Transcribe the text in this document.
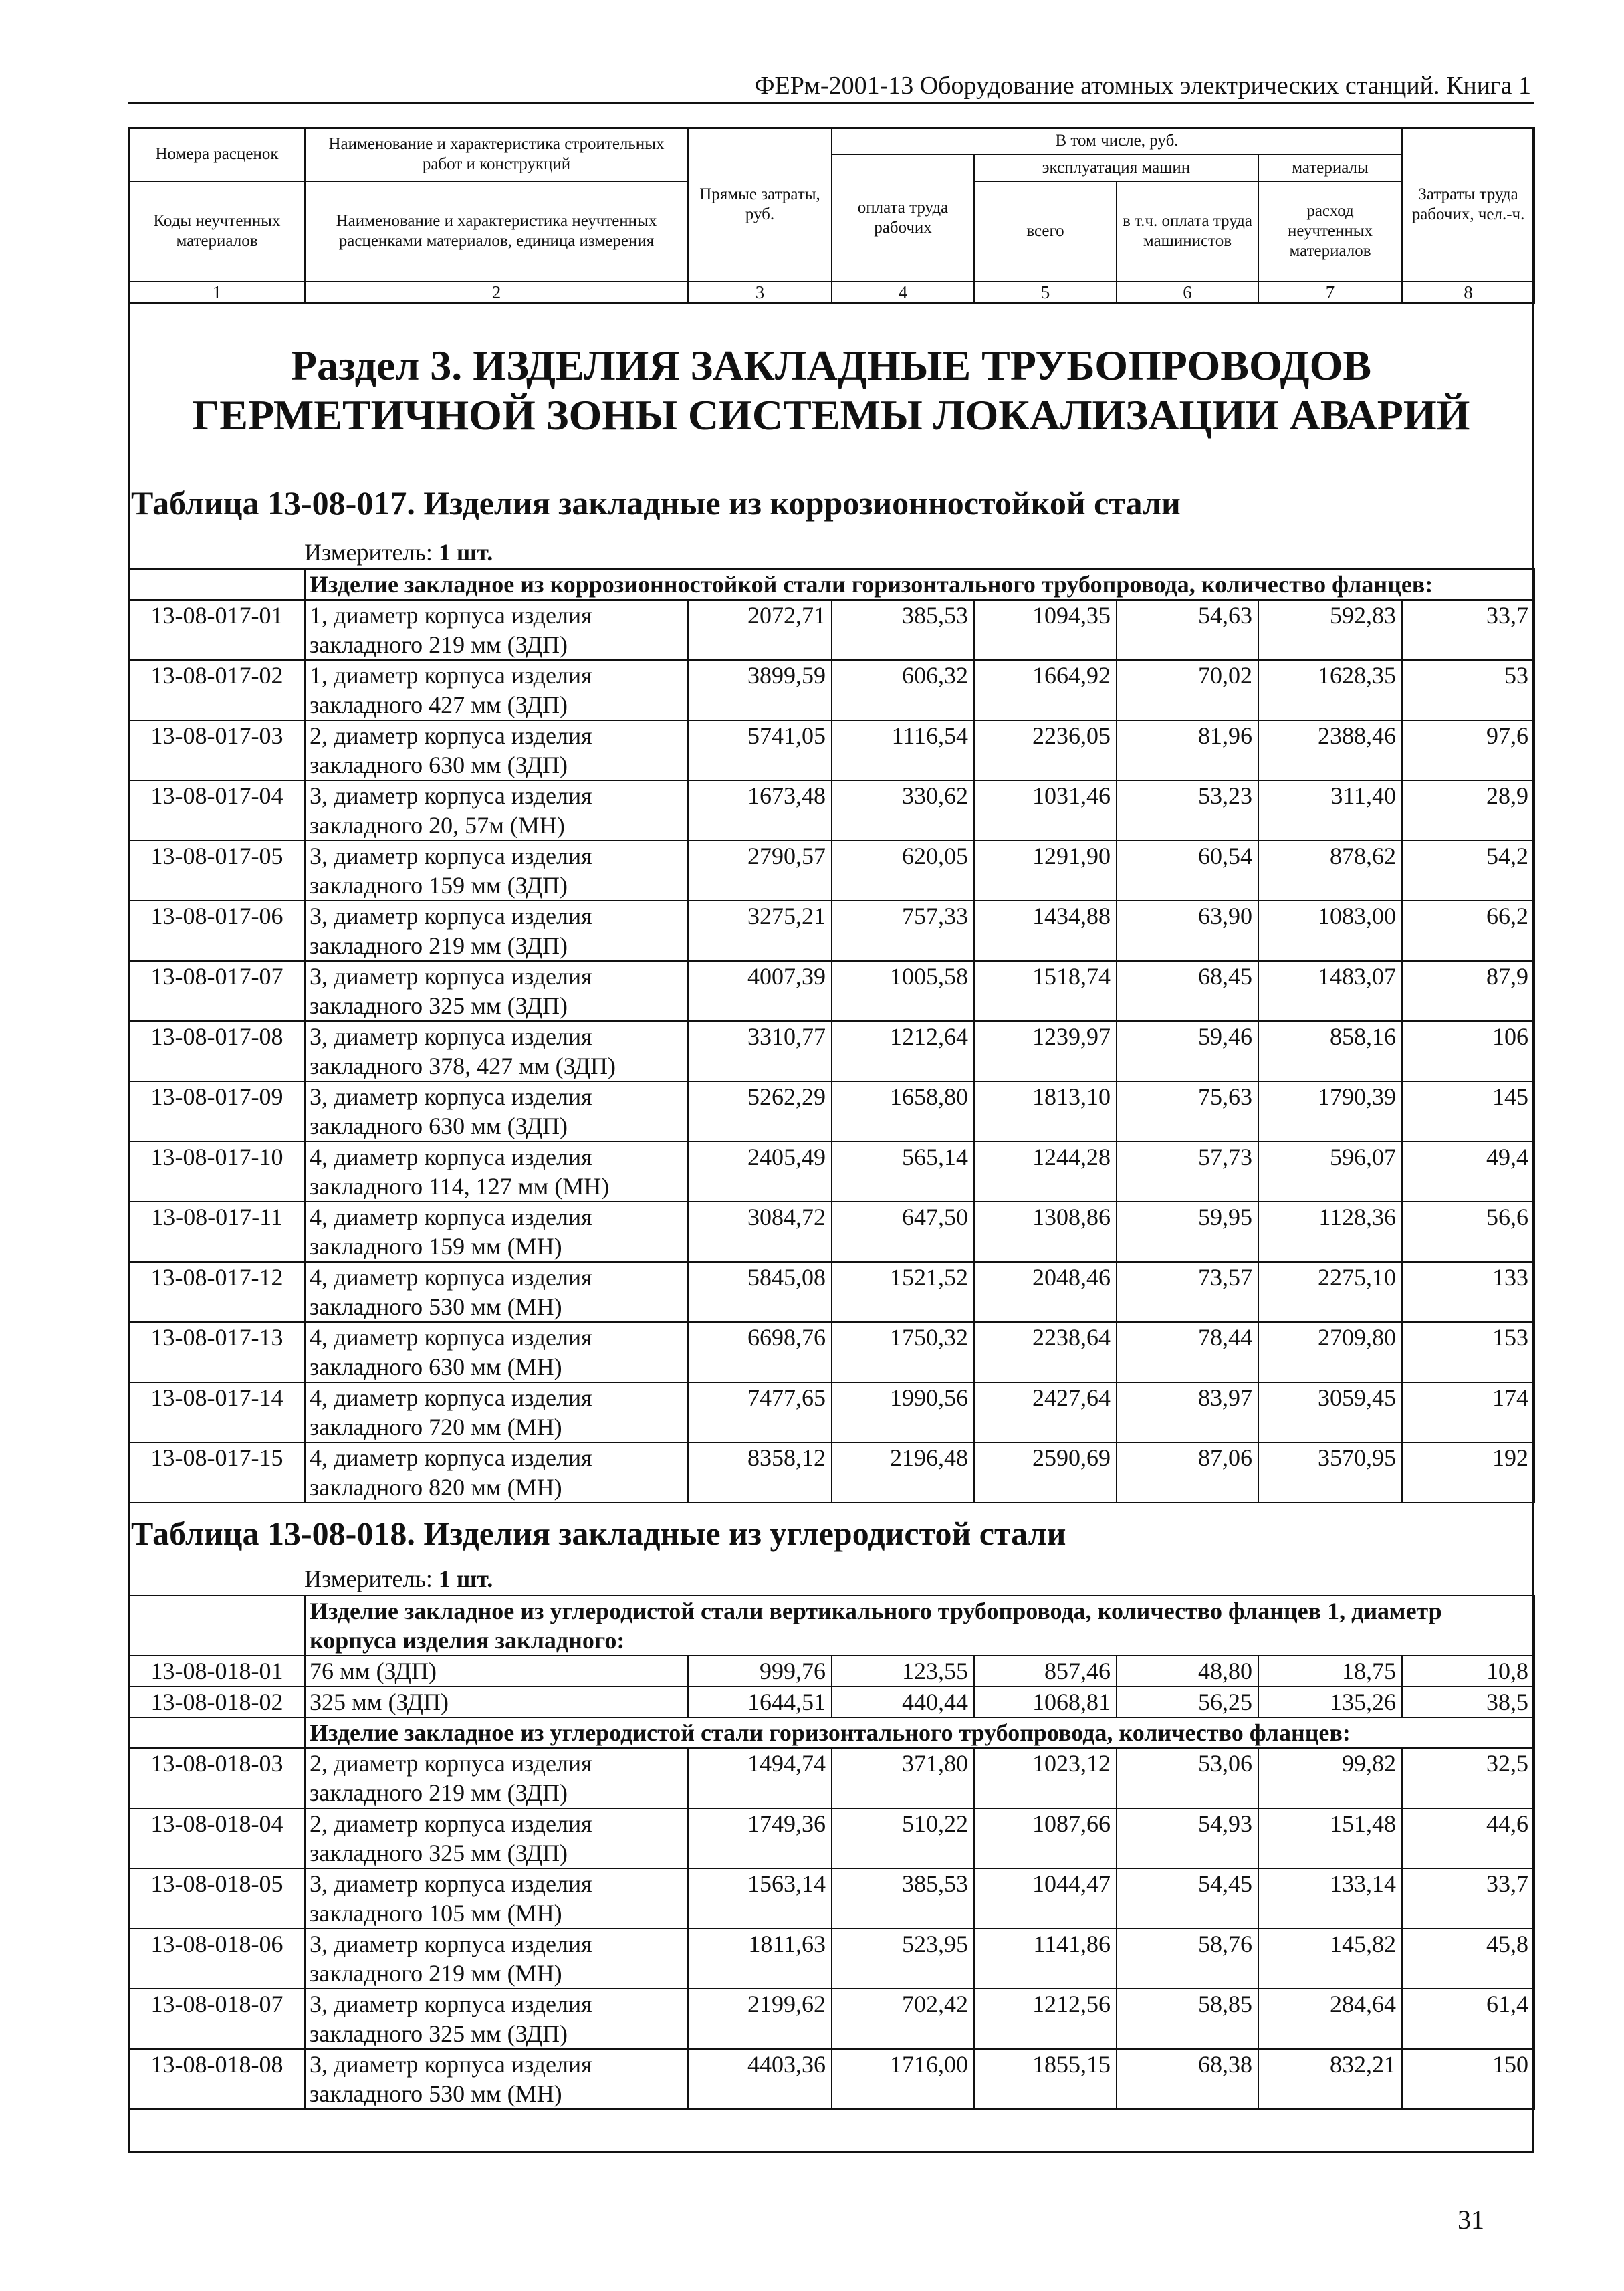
ФЕРм-2001-13 Оборудование атомных электрических станций. Книга 1
Номера расценок	Наименование и характеристика строительных работ и конструкций	Прямые затраты, руб.	В том числе, руб.				Затраты труда рабочих, чел.-ч.
			оплата труда рабочих	эксплуатация машин		материалы	
Коды неучтенных материалов	Наименование и характеристика неучтенных расценками материалов, единица измерения			всего	в т.ч. оплата труда машинистов	расход неучтенных материалов	

1	2	3	4	5	6	7	8
Раздел 3. ИЗДЕЛИЯ ЗАКЛАДНЫЕ ТРУБОПРОВОДОВ ГЕРМЕТИЧНОЙ ЗОНЫ СИСТЕМЫ ЛОКАЛИЗАЦИИ АВАРИЙ
Таблица 13-08-017. Изделия закладные из коррозионностойкой стали
Измеритель: 1 шт.
	Изделие закладное из коррозионностойкой стали горизонтального трубопровода, количество фланцев:						
13-08-017-01	1, диаметр корпуса изделия
закладного 219 мм (ЗДП)	2072,71	385,53	1094,35	54,63	592,83	33,7
13-08-017-02	1, диаметр корпуса изделия
закладного 427 мм (ЗДП)	3899,59	606,32	1664,92	70,02	1628,35	53
13-08-017-03	2, диаметр корпуса изделия
закладного 630 мм (ЗДП)	5741,05	1116,54	2236,05	81,96	2388,46	97,6
13-08-017-04	3, диаметр корпуса изделия
закладного 20, 57м (МН)	1673,48	330,62	1031,46	53,23	311,40	28,9
13-08-017-05	3, диаметр корпуса изделия
закладного 159 мм (ЗДП)	2790,57	620,05	1291,90	60,54	878,62	54,2
13-08-017-06	3, диаметр корпуса изделия
закладного 219 мм (ЗДП)	3275,21	757,33	1434,88	63,90	1083,00	66,2
13-08-017-07	3, диаметр корпуса изделия
закладного 325 мм (ЗДП)	4007,39	1005,58	1518,74	68,45	1483,07	87,9
13-08-017-08	3, диаметр корпуса изделия
закладного 378, 427 мм (ЗДП)	3310,77	1212,64	1239,97	59,46	858,16	106
13-08-017-09	3, диаметр корпуса изделия
закладного 630 мм (ЗДП)	5262,29	1658,80	1813,10	75,63	1790,39	145
13-08-017-10	4, диаметр корпуса изделия
закладного 114, 127 мм (МН)	2405,49	565,14	1244,28	57,73	596,07	49,4
13-08-017-11	4, диаметр корпуса изделия
закладного 159 мм (МН)	3084,72	647,50	1308,86	59,95	1128,36	56,6
13-08-017-12	4, диаметр корпуса изделия
закладного 530 мм (МН)	5845,08	1521,52	2048,46	73,57	2275,10	133
13-08-017-13	4, диаметр корпуса изделия
закладного 630 мм (МН)	6698,76	1750,32	2238,64	78,44	2709,80	153
13-08-017-14	4, диаметр корпуса изделия
закладного 720 мм (МН)	7477,65	1990,56	2427,64	83,97	3059,45	174
13-08-017-15	4, диаметр корпуса изделия
закладного 820 мм (МН)	8358,12	2196,48	2590,69	87,06	3570,95	192
Таблица 13-08-018. Изделия закладные из углеродистой стали
Измеритель: 1 шт.
	Изделие закладное из углеродистой стали вертикального трубопровода, количество фланцев 1, диаметр корпуса изделия закладного:						
13-08-018-01	76 мм (ЗДП)	999,76	123,55	857,46	48,80	18,75	10,8
13-08-018-02	325 мм (ЗДП)	1644,51	440,44	1068,81	56,25	135,26	38,5
	Изделие закладное из углеродистой стали горизонтального трубопровода, количество фланцев:						
13-08-018-03	2, диаметр корпуса изделия
закладного 219 мм (ЗДП)	1494,74	371,80	1023,12	53,06	99,82	32,5
13-08-018-04	2, диаметр корпуса изделия
закладного 325 мм (ЗДП)	1749,36	510,22	1087,66	54,93	151,48	44,6
13-08-018-05	3, диаметр корпуса изделия
закладного 105 мм (МН)	1563,14	385,53	1044,47	54,45	133,14	33,7
13-08-018-06	3, диаметр корпуса изделия
закладного 219 мм (МН)	1811,63	523,95	1141,86	58,76	145,82	45,8
13-08-018-07	3, диаметр корпуса изделия
закладного 325 мм (ЗДП)	2199,62	702,42	1212,56	58,85	284,64	61,4
13-08-018-08	3, диаметр корпуса изделия
закладного 530 мм (МН)	4403,36	1716,00	1855,15	68,38	832,21	150
31
